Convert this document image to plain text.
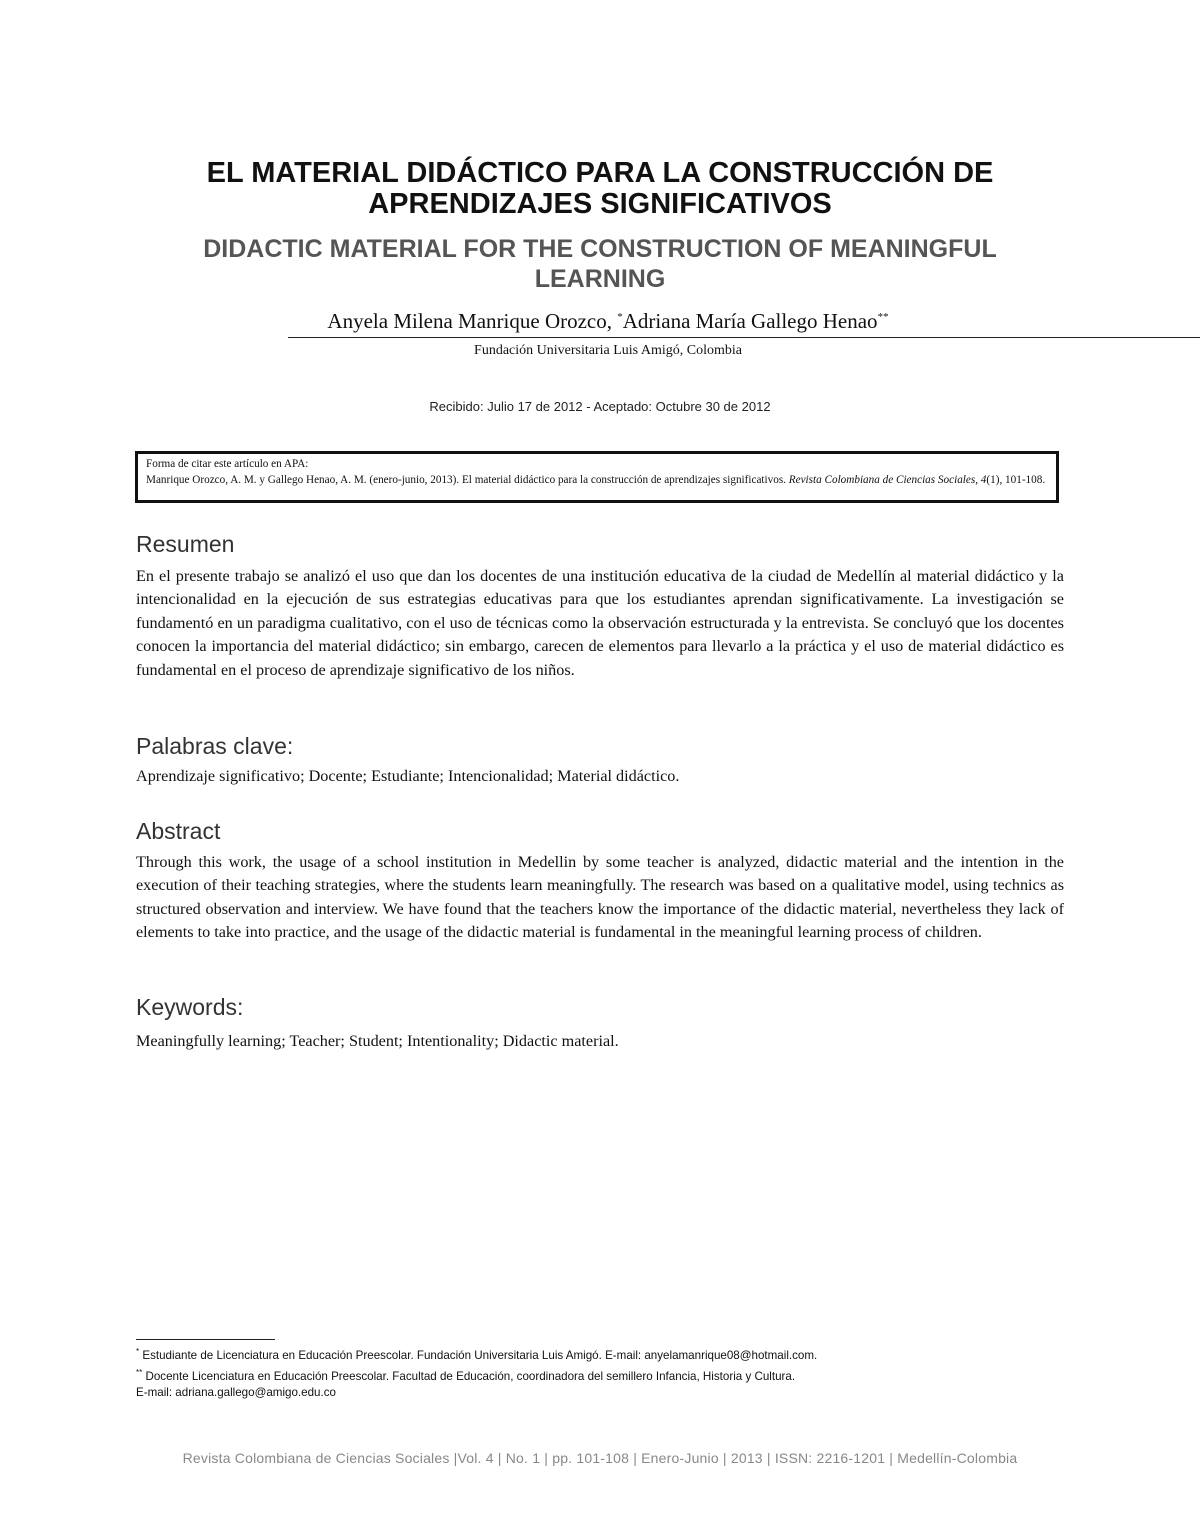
EL MATERIAL DIDÁCTICO PARA LA CONSTRUCCIÓN DE
APRENDIZAJES SIGNIFICATIVOS
DIDACTIC MATERIAL FOR THE CONSTRUCTION OF MEANINGFUL
LEARNING
Anyela Milena Manrique Orozco, *Adriana María Gallego Henao**
Fundación Universitaria Luis Amigó, Colombia
Recibido: Julio 17 de 2012 - Aceptado: Octubre 30 de 2012

Forma de citar este artículo en APA:

Manrique Orozco, A. M. y Gallego Henao, A. M. (enero-junio, 2013). El material didáctico para la construcción de aprendizajes significativos. Revista Colombiana de Ciencias Sociales, 4(1), 101-108.

Resumen
En el presente trabajo se analizó el uso que dan los docentes de una institución educativa de la ciudad de Medellín al material didáctico y la intencionalidad en la ejecución de sus estrategias educativas para que los estudiantes aprendan significativamente. La investigación se fundamentó en un paradigma cualitativo, con el uso de técnicas como la observación estructurada y la entrevista. Se concluyó que los docentes conocen la importancia del material didáctico; sin embargo, carecen de elementos para llevarlo a la práctica y el uso de material didáctico es fundamental en el proceso de aprendizaje significativo de los niños.
Palabras clave:
Aprendizaje significativo; Docente; Estudiante; Intencionalidad; Material didáctico.
Abstract
Through this work, the usage of a school institution in Medellin by some teacher is analyzed, didactic material and the intention in the execution of their teaching strategies, where the students learn meaningfully. The research was based on a qualitative model, using technics as structured observation and interview. We have found that the teachers know the importance of the didactic material, nevertheless they lack of elements to take into practice, and the usage of the didactic material is fundamental in the meaningful learning process of children.
Keywords:
Meaningfully learning; Teacher; Student; Intentionality; Didactic material.
* Estudiante de Licenciatura en Educación Preescolar. Fundación Universitaria Luis Amigó. E-mail: anyelamanrique08@hotmail.com.
** Docente Licenciatura en Educación Preescolar. Facultad de Educación, coordinadora del semillero Infancia, Historia y Cultura.
E-mail: adriana.gallego@amigo.edu.co
Revista Colombiana de Ciencias Sociales |Vol. 4 | No. 1 | pp. 101-108 | Enero-Junio | 2013 | ISSN: 2216-1201 | Medellín-Colombia
